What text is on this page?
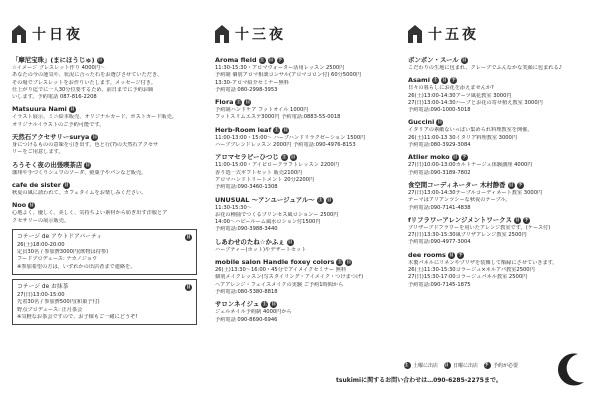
十日夜
「摩尼宝珠」(まにほうじゅ) 日
☆イメージ ブレスレット作り 4000円〜
あなたの今の運気や、状況に合った石をお選びさせていただき、
その場でブレスレットをお作りいたします。メッセージ付き。
仕上がり迄でに一人30分位要するため、前日までに予約お願
いします。予約電話 087-816-2208
Matsuura Nami 日
イラスト展示、ミニ絵本販売、オリジナルカード、ポストカード販売。
オリジナルイラストのご予約可能です。
天然石アクセサリーsurya 日
身につけるものの意味を引き出す、色と行(?)の天然石アクセサ
リーをご用意します。
ろうそく夜の出張喫茶店 日
珈琲や手づくりシュワのソーダ、焼菓子やパンなど販売。
cafe de sister 日
秋夏の風に誘われて。カフェタイムをお楽しみください。
Noo 日
心地よく、優しく、美しく、気持ちよい素材から紡ぎ出す洋服とア
クセサリーの展示販売。
コテージ de アウトドアパーティ
26(土)18:00-20:00
定員30名 / 参加費3000円(飲物は持参)
フードプロデュース: ナカノジョウ
※参加希望の方は、いずれかの出店者まで連絡を。
日
コテージ de お抹茶
27(日)13:00-15:00
先着30名 / 参加費500円(和菓子付)
野点プロデュース: 正月茶会
※気軽なお茶会ですので、お子様もご一緒にどうぞ!
日
十三夜
Aroma field 土 日 予
11:30-15:30・アロマウォーター活用レッスン 2500円
予約制 個別アロマ相談コンサル(アロマコロン付) 60分5000円
13:30-アロマ紹介セミナー無料
予約電話 080-2998-3953
Flora 土 日
予約制ハンドケア フットオイル 1000円
フットスリムエステ3000円 予約電話:0883-55-0018
Herb-Room leaf 土 日
11:00-13:00・15:00〜 ハーブハンドリラクゼーション 1500円
ハーブブレンドレッスン 2000円 予約電話:090-4976-8153
アロマセラピーひつじ 土 日
11:00-15:00・アイピロークラフトレッスン 2200円
香り処一式ギフトセット 販売2100円
アロマハンドトリートメント 20分2200円
予約電話:090-3460-1308
UNUSUAL 〜アンユージュアル〜 土 日
11:30-15:30〜
お花の種抽でつくるプリンセス風ロションー 2500円
14:00〜ハピールーム風水ロション付1500円
予約電話:090-3988-3440
しあわせのたね☆かふぇ 日
ハーブティー(ホット)やデザートセット
mobile salon Handle foxey colors 土 日
26(土)13:30〜16:00・45分でアイメイクセミナー 無料
個別メイクレッスン(写スタイリング・アイメイク・つけまつげ)
ヘアアレンジ・フェイスメイクの実験 ご予約1時間から
予約電話:080-5380-8818
サロンネイジュ 土 日
ジェルネイル予約制 4000円から
予約電話 090-8690-6946
十五夜
ボンボン・スール 日
こだわりの生地に包まれ、クレープでふんなかな笑顔に包まれる♪
Asami 土 日 予
日々の暮らしにお花を添えませんか?
26(土)13:00-14:30アーツ風花教室 3000円
27(日)13:00-14:30ハーブとお花の寄せ植え教室 3000円
予約電話:090-1000-5018
Guccini 日
イタリアの素敵ないっぱい集められ料理教室を開催。
26(土)11:00-13 30イタリア料理教室 3000円
予約電話:080-3929-3084
Atlier moko 日 予
27(日)10:00-13:00カルトナージュ体験講座 4000円
予約電話:090-3189-7802
食空間コーディネーター 木村静香 日 予
27(日)13:00-14:30テーブルコーディネート教室 3000円
テーマはアリアンツシーな秋夜のテーブル。
予約電話:090-7141-4838
fリフラワーアレンジメントワークス 日 予
プリザーブドフラワーを用いたアレンジ教室です。(ケース付)
27(日)13:30-15:30風プリザアレンジ教室 2500円
予約電話:090-4977-3004
dee rooms 日 予
木製パネルにリネンやプリザを装飾して額縁にさせていきます。
26(土)11:30-15:30コラージュ×ネルアパ教室2500円
27(日)15:30-17:00コラージュパネル教室 2500円
予約電話:090-7145-1875
土 土曜に出店 日 日曜に出店 予 予約が必要
tsukimiに関するお問い合わせは…090-6285-2275まで。
